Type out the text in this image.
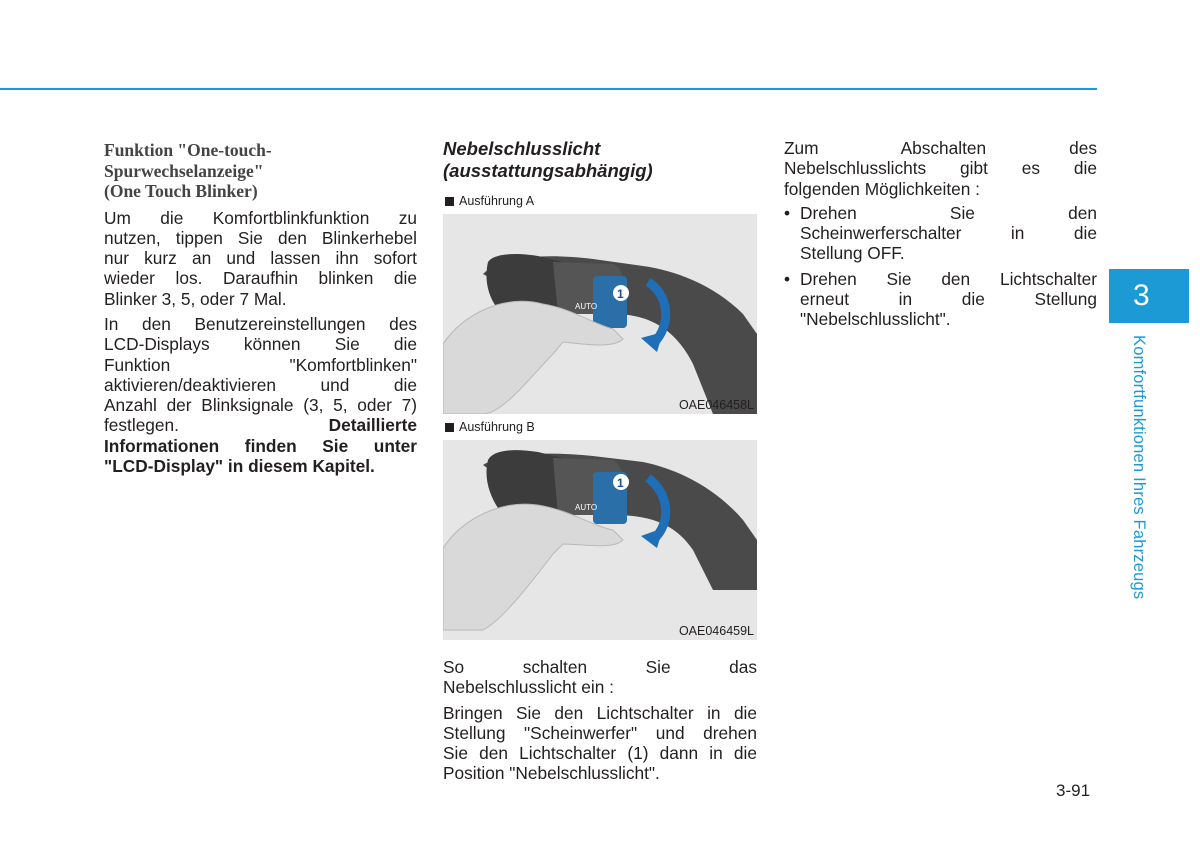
Funktion "One-touch-
Spurwechselanzeige"
(One Touch Blinker)

Um die Komfortblinkfunktion zu

nutzen, tippen Sie den Blinkerhebel

nur kurz an und lassen ihn sofort

wieder los. Daraufhin blinken die

Blinker 3, 5, oder 7 Mal.

In den Benutzereinstellungen des

LCD-Displays können Sie die

Funktion "Komfortblinken"

aktivieren/deaktivieren und die

Anzahl der Blinksignale (3, 5, oder 7)

festlegen.	Detaillierte

Informationen finden Sie unter

"LCD-Display" in diesem Kapitel.

Nebelschlusslicht
(ausstattungsabhängig)
Ausführung A
AUTO
1
OAE046458L
Ausführung B
AUTO
1
OAE046459L

So schalten Sie das

Nebelschlusslicht ein :

Bringen Sie den Lichtschalter in die

Stellung "Scheinwerfer" und drehen

Sie den Lichtschalter (1) dann in die

Position "Nebelschlusslicht".

Zum Abschalten des

Nebelschlusslichts gibt es die

folgenden Möglichkeiten :

• Drehen Sie den
Scheinwerferschalter in die
Stellung OFF.
• Drehen Sie den Lichtschalter
erneut in die Stellung
"Nebelschlusslicht".
3
Komfortfunktionen Ihres Fahrzeugs
3-91
